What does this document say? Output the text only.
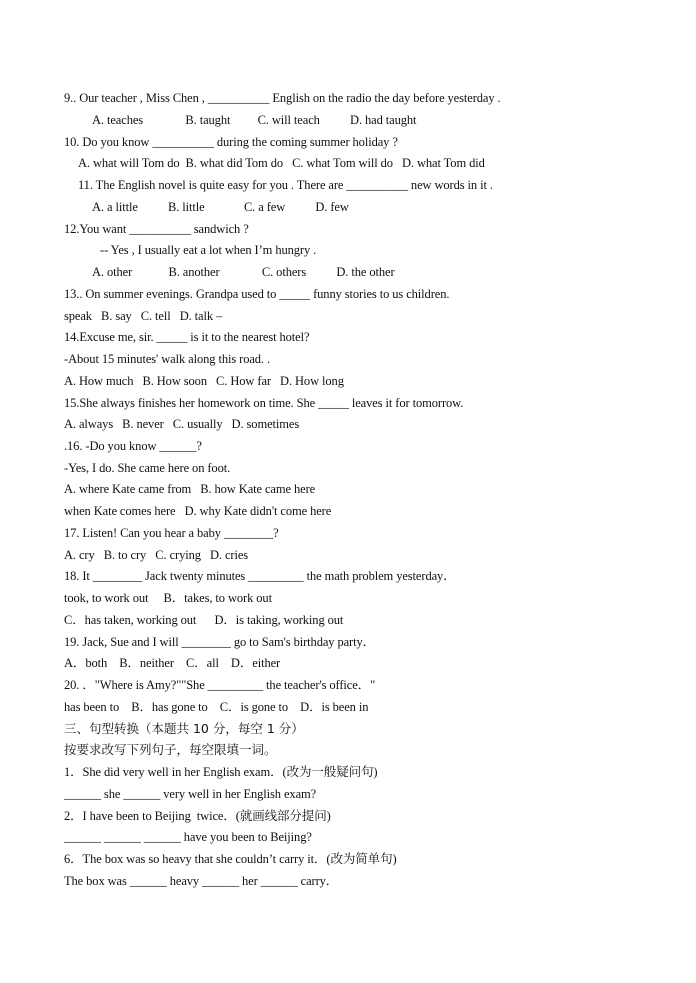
9.. Our teacher , Miss Chen , __________ English on the radio the day before yesterday .
A. teaches              B. taught         C. will teach          D. had taught
10. Do you know __________ during the coming summer holiday ?
A. what will Tom do  B. what did Tom do   C. what Tom will do   D. what Tom did
11. The English novel is quite easy for you . There are __________ new words in it .
A. a little          B. little             C. a few          D. few
12.You want __________ sandwich ?
-- Yes , I usually eat a lot when I’m hungry .
A. other            B. another              C. others          D. the other
13.. On summer evenings. Grandpa used to _____ funny stories to us children.
speak   B. say   C. tell   D. talk –
14.Excuse me, sir. _____ is it to the nearest hotel?
-About 15 minutes' walk along this road. .
A. How much   B. How soon   C. How far   D. How long
15.She always finishes her homework on time. She _____ leaves it for tomorrow.
A. always   B. never   C. usually   D. sometimes
.16. -Do you know ______?
-Yes, I do. She came here on foot.
A. where Kate came from   B. how Kate came here
when Kate comes here   D. why Kate didn't come here
17. Listen! Can you hear a baby ________?
A. cry   B. to cry   C. crying   D. cries
18. It ________ Jack twenty minutes _________ the math problem yesterday．
took, to work out     B．takes, to work out
C．has taken, working out      D．is taking, working out
19. Jack, Sue and I will ________ go to Sam's birthday party．
A．both    B．neither    C．all    D．either
20. ．"Where is Amy?""She _________ the teacher's office．"
has been to    B．has gone to    C．is gone to    D．is been in
三、句型转换（本题共 10 分，每空 1 分）
按要求改写下列句子，每空限填一词。
1．She did very well in her English exam．(改为一般疑问句)
______ she ______ very well in her English exam?
2．I have been to Beijing  twice．(就画线部分提问)
______ ______ ______ have you been to Beijing?
6．The box was so heavy that she couldn’t carry it．(改为简单句)
The box was ______ heavy ______ her ______ carry．
